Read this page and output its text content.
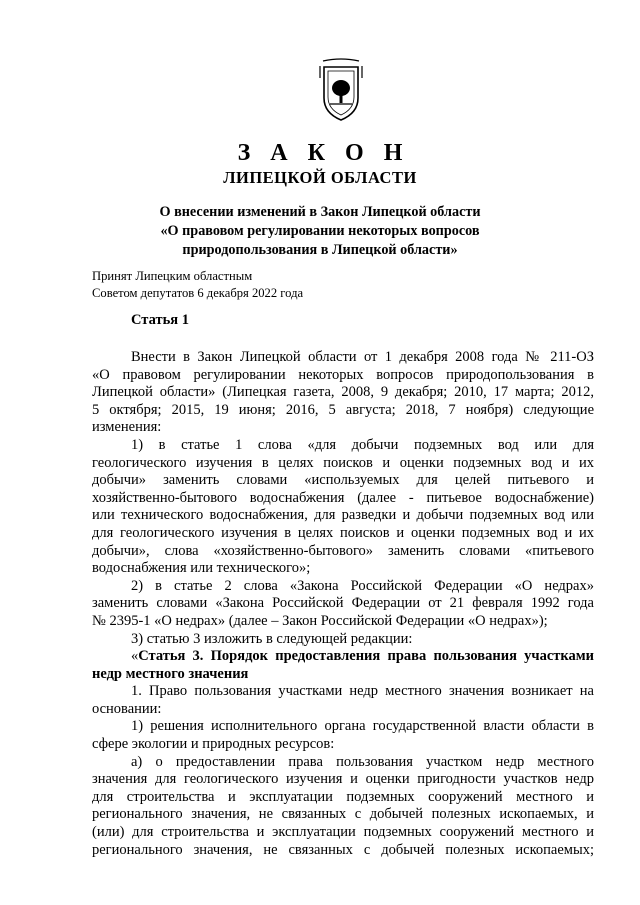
З А К О Н
ЛИПЕЦКОЙ ОБЛАСТИ
О внесении изменений в Закон Липецкой области
«О правовом регулировании некоторых вопросов
природопользования в Липецкой области»
Принят Липецким областным
Советом депутатов 6 декабря 2022 года
Статья 1
Внести в Закон Липецкой области от 1 декабря 2008 года № 211-ОЗ
«О правовом регулировании некоторых вопросов природопользования в
Липецкой области» (Липецкая газета, 2008, 9 декабря; 2010, 17 марта; 2012,
5 октября; 2015, 19 июня; 2016, 5 августа; 2018, 7 ноября) следующие
изменения:
1) в статье 1 слова «для добычи подземных вод или для
геологического изучения в целях поисков и оценки подземных вод и их
добычи» заменить словами «используемых для целей питьевого и
хозяйственно-бытового водоснабжения (далее - питьевое водоснабжение)
или технического водоснабжения, для разведки и добычи подземных вод или
для геологического изучения в целях поисков и оценки подземных вод и их
добычи», слова «хозяйственно-бытового» заменить словами «питьевого
водоснабжения или технического»;
2) в статье 2 слова «Закона Российской Федерации «О недрах»
заменить словами «Закона Российской Федерации от 21 февраля 1992 года
№ 2395-1 «О недрах» (далее – Закон Российской Федерации «О недрах»);
3) статью 3 изложить в следующей редакции:
«Статья 3. Порядок предоставления права пользования участками
недр местного значения
1. Право пользования участками недр местного значения возникает на
основании:
1) решения исполнительного органа государственной власти области в
сфере экологии и природных ресурсов:
а) о предоставлении права пользования участком недр местного
значения для геологического изучения и оценки пригодности участков недр
для строительства и эксплуатации подземных сооружений местного и
регионального значения, не связанных с добычей полезных ископаемых, и
(или) для строительства и эксплуатации подземных сооружений местного и
регионального значения, не связанных с добычей полезных ископаемых;
